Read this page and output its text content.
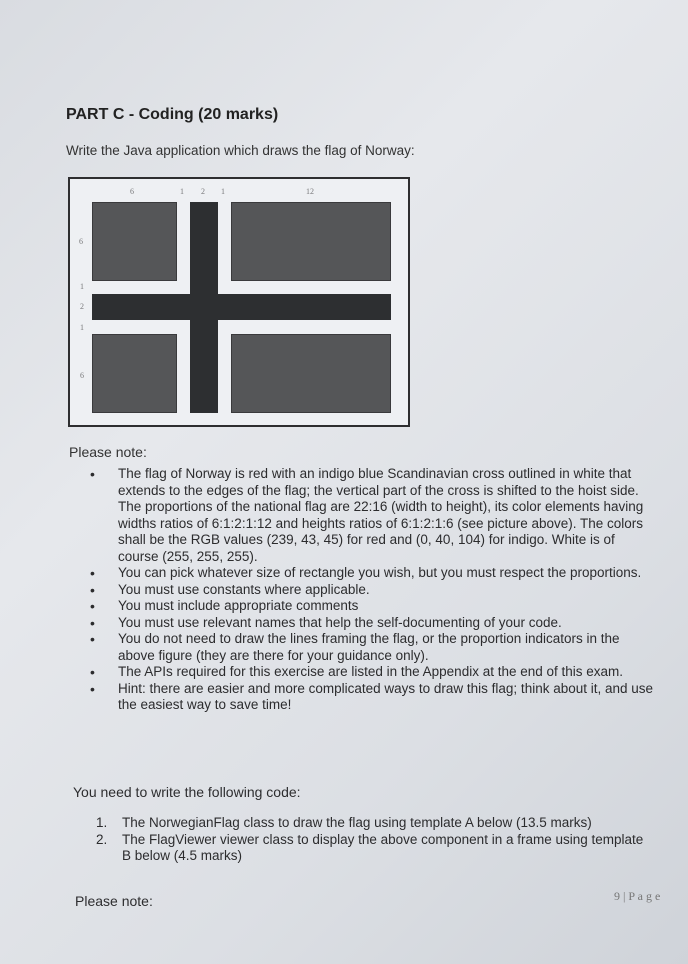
PART C - Coding (20 marks)
Write the Java application which draws the flag of Norway:
6	1 2 1	12
6
1
2
1
6
Please note:
• The flag of Norway is red with an indigo blue Scandinavian cross outlined in white that extends to the edges of the flag; the vertical part of the cross is shifted to the hoist side. The proportions of the national flag are 22:16 (width to height), its color elements having widths ratios of 6:1:2:1:12 and heights ratios of 6:1:2:1:6 (see picture above). The colors shall be the RGB values (239, 43, 45) for red and (0, 40, 104) for indigo. White is of course (255, 255, 255).
• You can pick whatever size of rectangle you wish, but you must respect the proportions.
• You must use constants where applicable.
• You must include appropriate comments
• You must use relevant names that help the self-documenting of your code.
• You do not need to draw the lines framing the flag, or the proportion indicators in the above figure (they are there for your guidance only).
• The APIs required for this exercise are listed in the Appendix at the end of this exam.
• Hint: there are easier and more complicated ways to draw this flag; think about it, and use the easiest way to save time!
You need to write the following code:
1. The NorwegianFlag class to draw the flag using template A below (13.5 marks)
2. The FlagViewer viewer class to display the above component in a frame using template B below (4.5 marks)
Please note:	9 | P a g e
